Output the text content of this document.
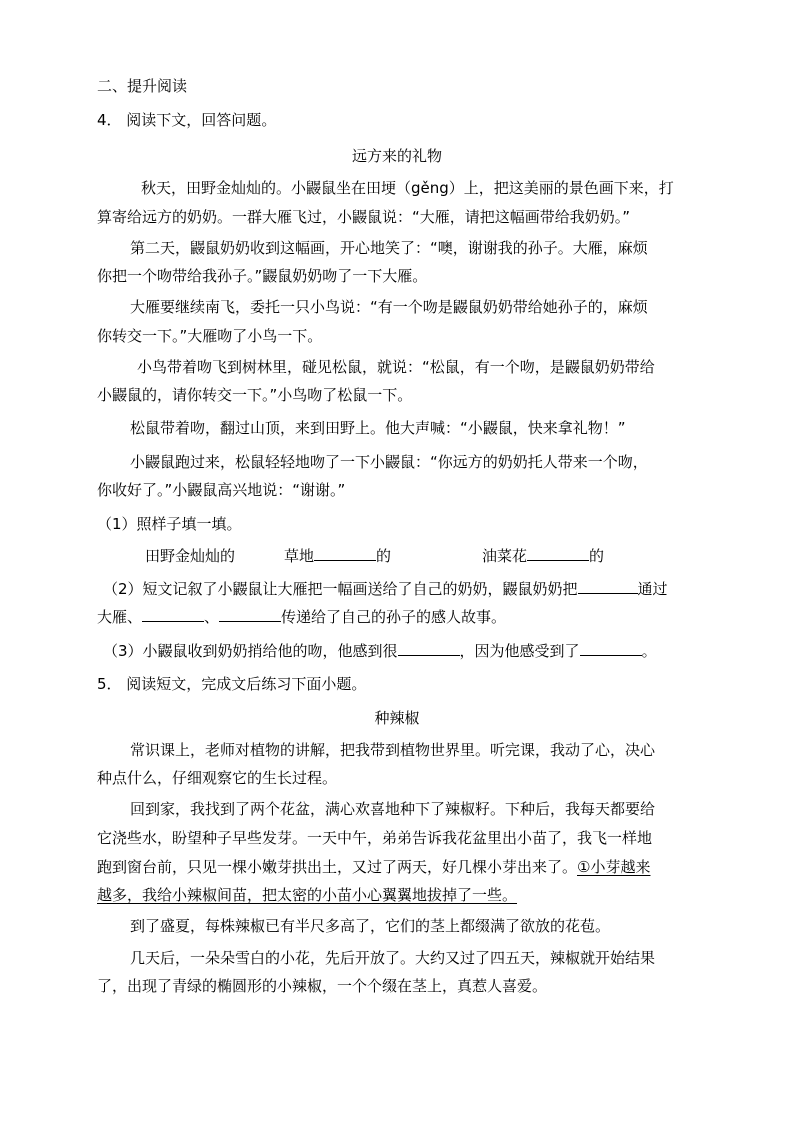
二、提升阅读
4． 阅读下文，回答问题。
远方来的礼物
秋天，田野金灿灿的。小鼹鼠坐在田埂（gěng）上，把这美丽的景色画下来，打
算寄给远方的奶奶。一群大雁飞过，小鼹鼠说：“大雁，请把这幅画带给我奶奶。”
第二天，鼹鼠奶奶收到这幅画，开心地笑了：“噢，谢谢我的孙子。大雁，麻烦
你把一个吻带给我孙子。”鼹鼠奶奶吻了一下大雁。
大雁要继续南飞，委托一只小鸟说：“有一个吻是鼹鼠奶奶带给她孙子的，麻烦
你转交一下。”大雁吻了小鸟一下。
小鸟带着吻飞到树林里，碰见松鼠，就说：“松鼠，有一个吻，是鼹鼠奶奶带给
小鼹鼠的，请你转交一下。”小鸟吻了松鼠一下。
松鼠带着吻，翻过山顶，来到田野上。他大声喊：“小鼹鼠，快来拿礼物！”
小鼹鼠跑过来，松鼠轻轻地吻了一下小鼹鼠：“你远方的奶奶托人带来一个吻，
你收好了。”小鼹鼠高兴地说：“谢谢。”
（1）照样子填一填。
田野金灿灿的	草地	的	油菜花	的
（2）短文记叙了小鼹鼠让大雁把一幅画送给了自己的奶奶，鼹鼠奶奶把	通过
大雁、	、	传递给了自己的孙子的感人故事。
（3）小鼹鼠收到奶奶捎给他的吻，他感到很	，因为他感受到了	。
5． 阅读短文，完成文后练习下面小题。
种辣椒
常识课上，老师对植物的讲解，把我带到植物世界里。听完课，我动了心，决心
种点什么，仔细观察它的生长过程。
回到家，我找到了两个花盆，满心欢喜地种下了辣椒籽。下种后，我每天都要给
它浇些水，盼望种子早些发芽。一天中午，弟弟告诉我花盆里出小苗了，我飞一样地
跑到窗台前，只见一棵小嫩芽拱出土，又过了两天，好几棵小芽出来了。①小芽越来
越多，我给小辣椒间苗，把太密的小苗小心翼翼地拔掉了一些。
到了盛夏，每株辣椒已有半尺多高了，它们的茎上都缀满了欲放的花苞。
几天后，一朵朵雪白的小花，先后开放了。大约又过了四五天，辣椒就开始结果
了，出现了青绿的椭圆形的小辣椒，一个个缀在茎上，真惹人喜爱。
